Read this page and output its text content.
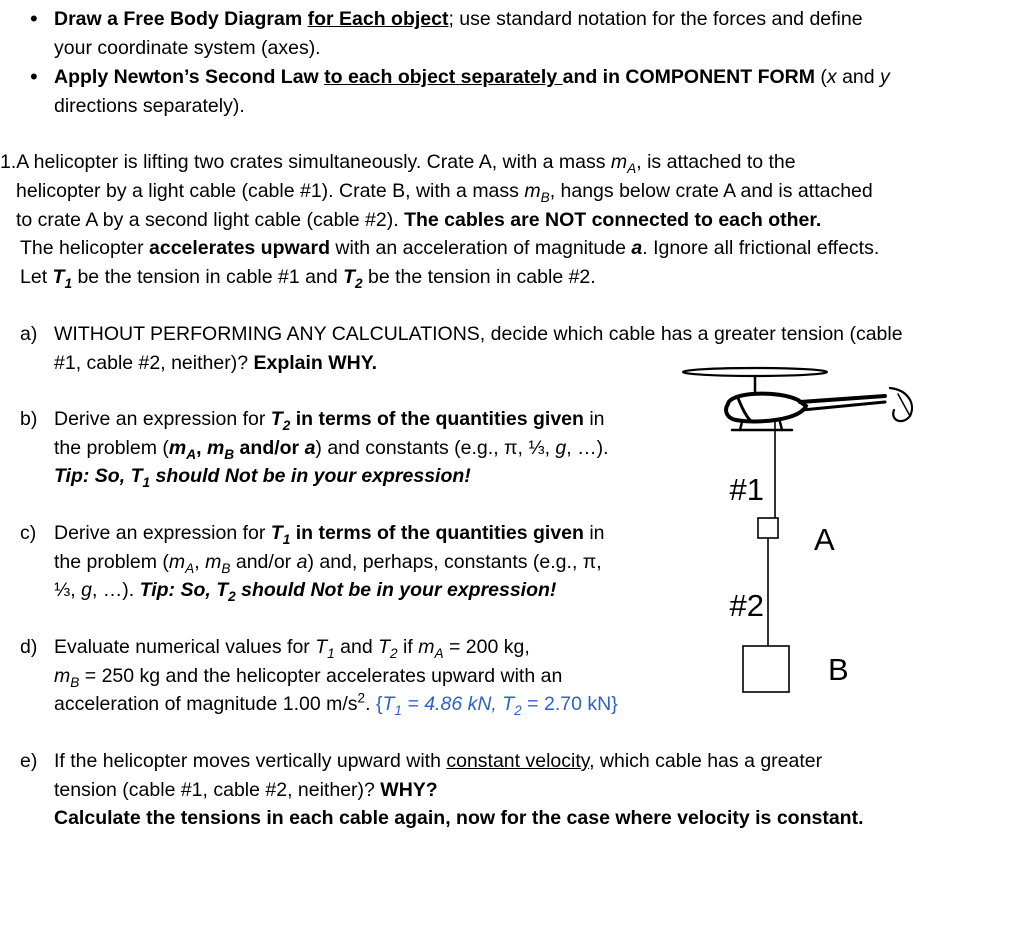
• Draw a Free Body Diagram for Each object; use standard notation for the forces and define
your coordinate system (axes).
• Apply Newton’s Second Law to each object separately and in COMPONENT FORM (x and y
directions separately).
1.A helicopter is lifting two crates simultaneously. Crate A, with a mass $m_A$, is attached to the
helicopter by a light cable (cable #1). Crate B, with a mass $m_B$, hangs below crate A and is attached
to crate A by a second light cable (cable #2). The cables are NOT connected to each other.
The helicopter accelerates upward with an acceleration of magnitude a. Ignore all frictional effects.
Let $T_1$ be the tension in cable #1 and $T_2$ be the tension in cable #2.
a) WITHOUT PERFORMING ANY CALCULATIONS, decide which cable has a greater tension (cable
#1, cable #2, neither)? Explain WHY.
b) Derive an expression for $T_2$ in terms of the quantities given in
the problem ($m_A$, $m_B$ and/or a) and constants (e.g., π, ⅓, g, …).
Tip: So, $T_1$ should Not be in your expression!
c) Derive an expression for $T_1$ in terms of the quantities given in
the problem ($m_A$, $m_B$ and/or a) and, perhaps, constants (e.g., π,
⅓, g, …). Tip: So, $T_2$ should Not be in your expression!
d) Evaluate numerical values for $T_1$ and $T_2$ if $m_A = 200$ kg,
$m_B = 250$ kg and the helicopter accelerates upward with an
acceleration of magnitude 1.00 $m/s^2$. {$T_1 = 4.86$ kN, $T_2 = 2.70$ kN}
e) If the helicopter moves vertically upward with constant velocity, which cable has a greater
tension (cable #1, cable #2, neither)? WHY?
Calculate the tensions in each cable again, now for the case where velocity is constant.
#1
A
#2
B
